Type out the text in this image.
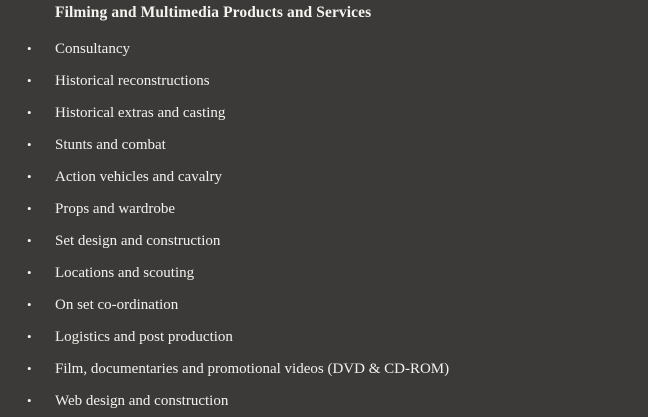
Filming and Multimedia Products and Services
•	Consultancy
•	Historical reconstructions
•	Historical extras and casting
•	Stunts and combat
•	Action vehicles and cavalry
•	Props and wardrobe
•	Set design and construction
•	Locations and scouting
•	On set co-ordination
•	Logistics and post production
•	Film, documentaries and promotional videos (DVD & CD-ROM)
•	Web design and construction
